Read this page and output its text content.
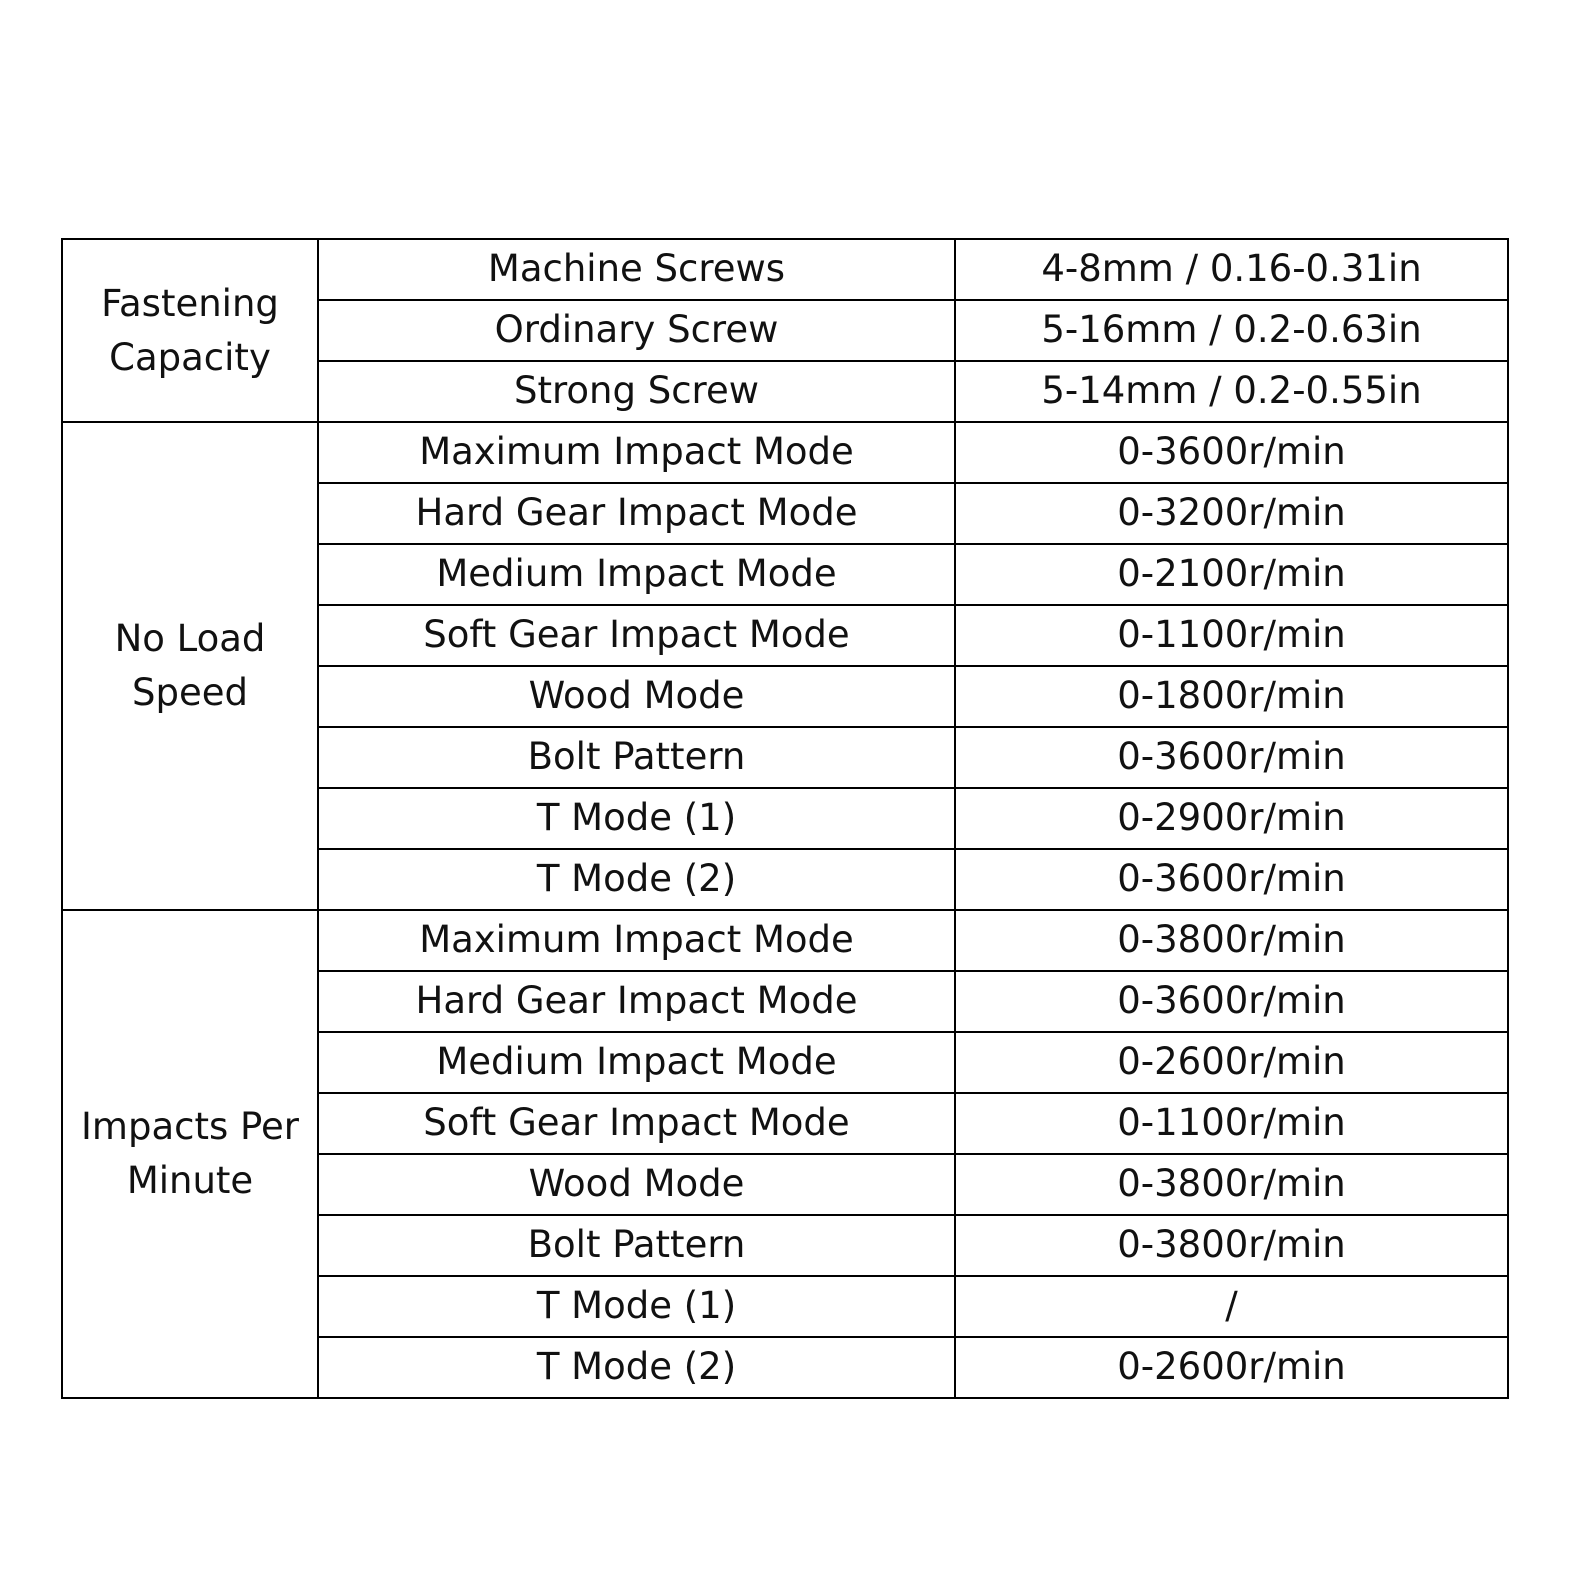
Fastening Capacity	Machine Screws	4-8mm / 0.16-0.31in
	Ordinary Screw	5-16mm / 0.2-0.63in
	Strong Screw	5-14mm / 0.2-0.55in
No Load Speed	Maximum Impact Mode	0-3600r/min
	Hard Gear Impact Mode	0-3200r/min
	Medium Impact Mode	0-2100r/min
	Soft Gear Impact Mode	0-1100r/min
	Wood Mode	0-1800r/min
	Bolt Pattern	0-3600r/min
	T Mode (1)	0-2900r/min
	T Mode (2)	0-3600r/min
Impacts Per Minute	Maximum Impact Mode	0-3800r/min
	Hard Gear Impact Mode	0-3600r/min
	Medium Impact Mode	0-2600r/min
	Soft Gear Impact Mode	0-1100r/min
	Wood Mode	0-3800r/min
	Bolt Pattern	0-3800r/min
	T Mode (1)	/
	T Mode (2)	0-2600r/min
